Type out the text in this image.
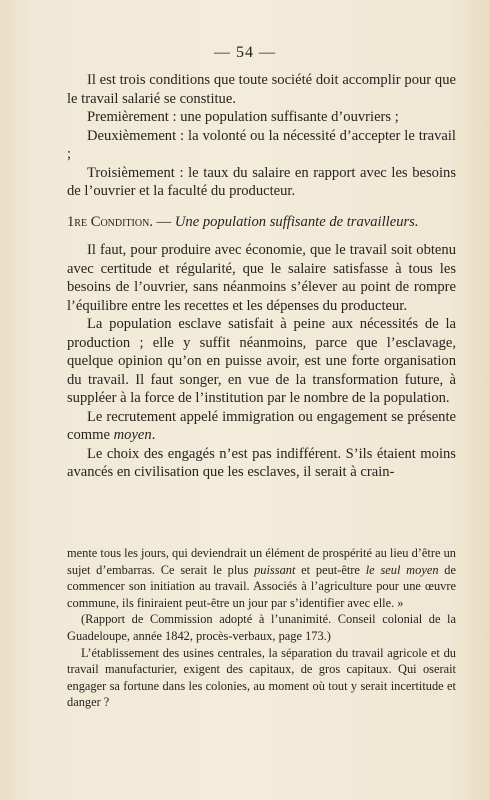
— 54 —

Il est trois conditions que toute société doit accomplir pour que le travail salarié se constitue.

Premièrement : une population suffisante d’ouvriers ;

Deuxièmement : la volonté ou la nécessité d’accepter le travail ;

Troisièmement : le taux du salaire en rapport avec les besoins de l’ouvrier et la faculté du producteur.

1re Condition. — Une population suffisante de travailleurs.

Il faut, pour produire avec économie, que le travail soit obtenu avec certitude et régularité, que le salaire satisfasse à tous les besoins de l’ouvrier, sans néanmoins s’élever au point de rompre l’équilibre entre les recettes et les dépenses du producteur.

La population esclave satisfait à peine aux nécessités de la production ; elle y suffit néanmoins, parce que l’esclavage, quelque opinion qu’on en puisse avoir, est une forte organisation du travail. Il faut songer, en vue de la transformation future, à suppléer à la force de l’institution par le nombre de la population.

Le recrutement appelé immigration ou engagement se présente comme moyen.

Le choix des engagés n’est pas indifférent. S’ils étaient moins avancés en civilisation que les esclaves, il serait à crain-

mente tous les jours, qui deviendrait un élément de prospérité au lieu d’être un sujet d’embarras. Ce serait le plus puissant et peut-être le seul moyen de commencer son initiation au travail. Associés à l’agriculture pour une œuvre commune, ils finiraient peut-être un jour par s’identifier avec elle. »

(Rapport de Commission adopté à l’unanimité. Conseil colonial de la Guadeloupe, année 1842, procès-verbaux, page 173.)

L’établissement des usines centrales, la séparation du travail agricole et du travail manufacturier, exigent des capitaux, de gros capitaux. Qui oserait engager sa fortune dans les colonies, au moment où tout y serait incertitude et danger ?
